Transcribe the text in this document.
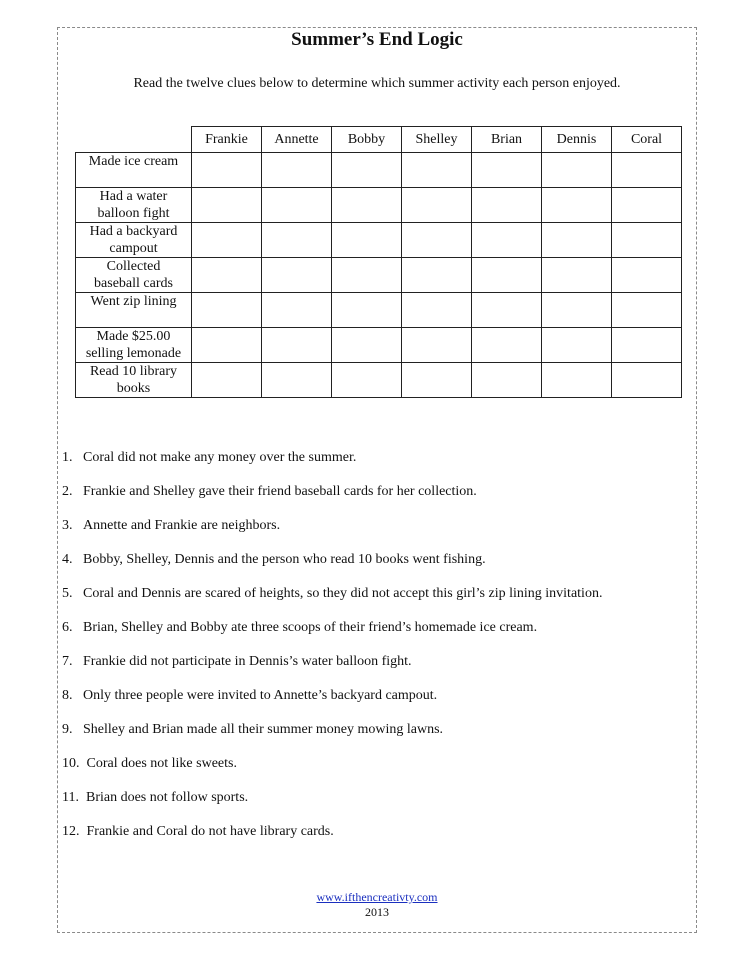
Summer’s End Logic
Read the twelve clues below to determine which summer activity each person enjoyed.
	Frankie	Annette	Bobby	Shelley	Brian	Dennis	Coral
Made ice cream							
Had a water
balloon fight							
Had a backyard
campout							
Collected
baseball cards							
Went zip lining							
Made $25.00
selling lemonade							
Read 10 library
books							
1. Coral did not make any money over the summer.
2. Frankie and Shelley gave their friend baseball cards for her collection.
3. Annette and Frankie are neighbors.
4. Bobby, Shelley, Dennis and the person who read 10 books went fishing.
5. Coral and Dennis are scared of heights, so they did not accept this girl’s zip lining invitation.
6. Brian, Shelley and Bobby ate three scoops of their friend’s homemade ice cream.
7. Frankie did not participate in Dennis’s water balloon fight.
8. Only three people were invited to Annette’s backyard campout.
9. Shelley and Brian made all their summer money mowing lawns.
10. Coral does not like sweets.
11. Brian does not follow sports.
12. Frankie and Coral do not have library cards.
www.ifthencreativty.com
2013
